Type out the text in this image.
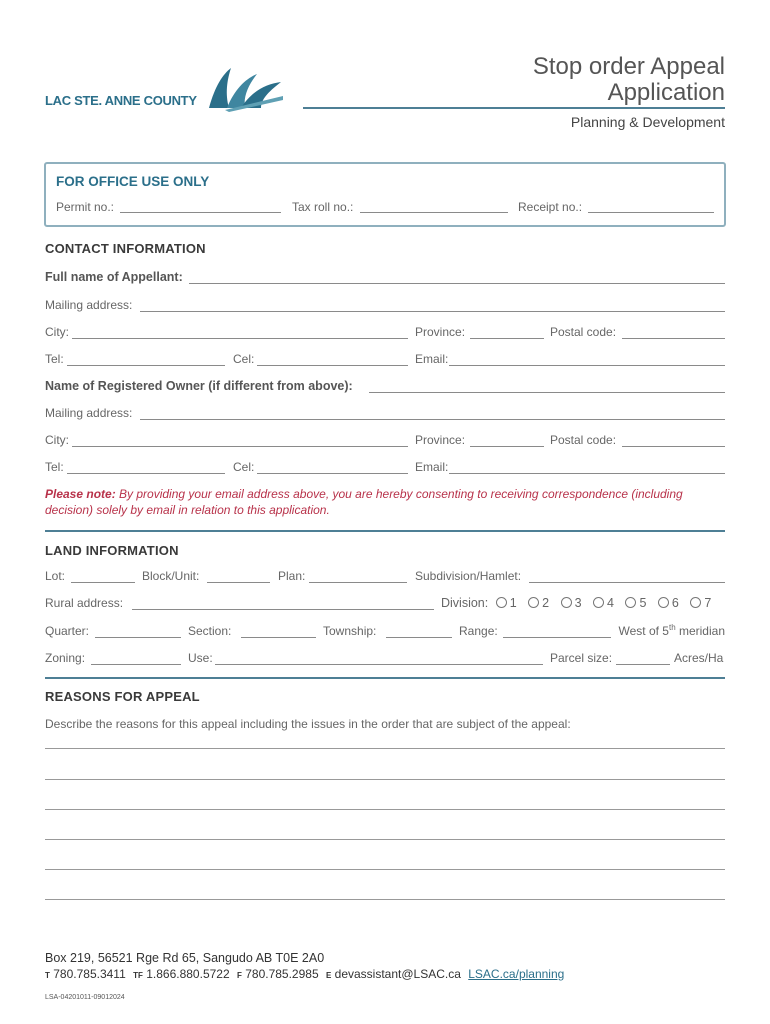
LAC STE. ANNE COUNTY
Stop order Appeal
Application
Planning & Development
FOR OFFICE USE ONLY
Permit no.:	Tax roll no.:	Receipt no.:
CONTACT INFORMATION
Full name of Appellant:
Mailing address:
City:	Province:	Postal code:
Tel:	Cel:	Email:
Name of Registered Owner (if different from above):
Mailing address:
City:	Province:	Postal code:
Tel:	Cel:	Email:
Please note: By providing your email address above, you are hereby consenting to receiving correspondence (including decision) solely by email in relation to this application.
LAND INFORMATION
Lot:	Block/Unit:	Plan:	Subdivision/Hamlet:
Rural address:	Division: 1 2 3 4 5 6 7
Quarter:	Section:	Township:	Range:	West of 5th meridian
Zoning:	Use:	Parcel size:	Acres/Ha
REASONS FOR APPEAL
Describe the reasons for this appeal including the issues in the order that are subject of the appeal:
Box 219, 56521 Rge Rd 65, Sangudo AB T0E 2A0
T 780.785.3411 TF 1.866.880.5722 F 780.785.2985 E devassistant@LSAC.ca LSAC.ca/planning
LSA-04201011-09012024
